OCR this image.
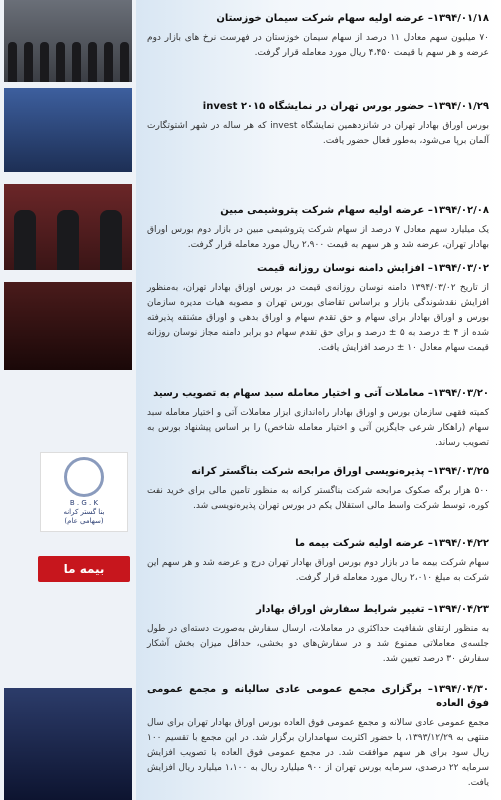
B . G . K
بنا گستر کرانه
(سهامی عام)
بیمه ما

۱۳۹۴/۰۱/۱۸– عرضه اولیه سهام شرکت سیمان خوزستان

۷۰ میلیون سهم معادل ۱۱ درصد از سهام سیمان خوزستان در فهرست نرخ های بازار دوم عرضه و هر سهم با قیمت ۴،۴۵۰ ریال مورد معامله قرار گرفت.

۱۳۹۴/۰۱/۲۹– حضور بورس تهران در نمایشگاه invest ۲۰۱۵

بورس اوراق بهادار تهران در شانزدهمین نمایشگاه invest که هر ساله در شهر اشتوتگارت آلمان برپا می‌شود، به‌طور فعال حضور یافت.

۱۳۹۴/۰۲/۰۸– عرضه اولیه سهام شرکت پتروشیمی مبین

یک میلیارد سهم معادل ۷ درصد از سهام شرکت پتروشیمی مبین در بازار دوم بورس اوراق بهادار تهران، عرضه شد و هر سهم به قیمت ۲،۹۰۰ ریال مورد معامله قرار گرفت.

۱۳۹۴/۰۳/۰۲– افزایش دامنه نوسان روزانه قیمت

از تاریخ ۱۳۹۴/۰۳/۰۲ دامنه نوسان روزانه‌ی قیمت در بورس اوراق بهادار تهران، به‌منظور افزایش نقدشوندگی بازار و براساس تقاضای بورس تهران و مصوبه هیات مدیره سازمان بورس و اوراق بهادار برای سهام و حق تقدم سهام و اوراق بدهی و اوراق مشتقه پذیرفته شده از ۴ ± درصد به ۵ ± درصد و برای حق تقدم سهام دو برابر دامنه مجاز نوسان روزانه قیمت سهام معادل ۱۰ ± درصد افزایش یافت.

۱۳۹۴/۰۳/۲۰– معاملات آتی و اختیار معامله سبد سهام به تصویب رسید

کمیته فقهی سازمان بورس و اوراق بهادار راه‌اندازی ابزار معاملات آتی و اختیار معامله سبد سهام (راهکار شرعی جایگزین آتی و اختیار معامله شاخص) را بر اساس پیشنهاد بورس به تصویب رساند.

۱۳۹۴/۰۳/۲۵– پذیره‌نویسی اوراق مرابحه شرکت بناگستر کرانه

۵۰۰ هزار برگه صکوک مرابحه شرکت بناگستر کرانه به منظور تامین مالی برای خرید نفت کوره، توسط شرکت واسط مالی استقلال یکم در بورس تهران پذیره‌نویسی شد.

۱۳۹۴/۰۴/۲۲– عرضه اولیه شرکت بیمه ما

سهام شرکت بیمه ما در بازار دوم بورس اوراق بهادار تهران درج و عرضه شد و هر سهم این شرکت به مبلغ ۲،۰۱۰ ریال مورد معامله قرار گرفت.

۱۳۹۴/۰۴/۲۳– تغییر شرایط سفارش اوراق بهادار

به منظور ارتقای شفافیت حداکثری در معاملات، ارسال سفارش به‌صورت دسته‌ای در طول جلسه‌ی معاملاتی ممنوع شد و در سفارش‌های دو بخشی، حداقل میزان بخش آشکار سفارش ۳۰ درصد تعیین شد.

۱۳۹۴/۰۴/۳۰– برگزاری مجمع عمومی عادی سالیانه و مجمع عمومی فوق العاده

مجمع عمومی عادی سالانه و مجمع عمومی فوق العاده بورس اوراق بهادار تهران برای سال منتهی به ۱۳۹۳/۱۲/۲۹، با حضور اکثریت سهامداران برگزار شد. در این مجمع با تقسیم ۱۰۰ ریال سود برای هر سهم موافقت شد. در مجمع عمومی فوق العاده با تصویب افزایش سرمایه ۲۲ درصدی، سرمایه بورس تهران از ۹۰۰ میلیارد ریال به ۱،۱۰۰ میلیارد ریال افزایش یافت.
